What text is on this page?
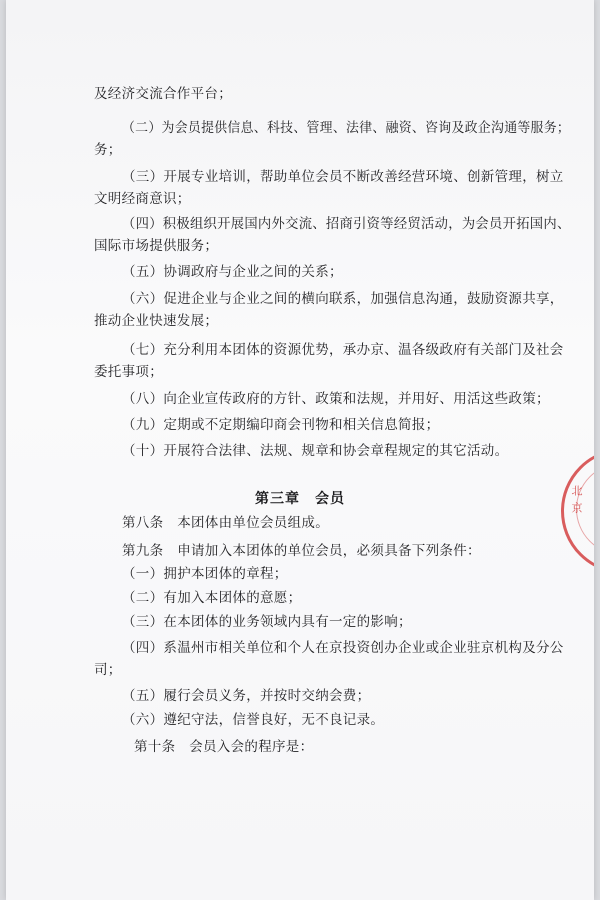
及经济交流合作平台；
（二）为会员提供信息、科技、管理、法律、融资、咨询及政企沟通等服务；
务；
（三）开展专业培训，帮助单位会员不断改善经营环境、创新管理，树立
文明经商意识；
（四）积极组织开展国内外交流、招商引资等经贸活动，为会员开拓国内、
国际市场提供服务；
（五）协调政府与企业之间的关系；
（六）促进企业与企业之间的横向联系，加强信息沟通，鼓励资源共享，
推动企业快速发展；
（七）充分利用本团体的资源优势，承办京、温各级政府有关部门及社会
委托事项；
（八）向企业宣传政府的方针、政策和法规，并用好、用活这些政策；
（九）定期或不定期编印商会刊物和相关信息简报；
（十）开展符合法律、法规、规章和协会章程规定的其它活动。
第八条　本团体由单位会员组成。
第九条　申请加入本团体的单位会员，必须具备下列条件：
（一）拥护本团体的章程；
（二）有加入本团体的意愿；
（三）在本团体的业务领域内具有一定的影响；
（四）系温州市相关单位和个人在京投资创办企业或企业驻京机构及分公
司；
（五）履行会员义务，并按时交纳会费；
（六）遵纪守法，信誉良好，无不良记录。
第十条　会员入会的程序是：
第三章　会员	北京
